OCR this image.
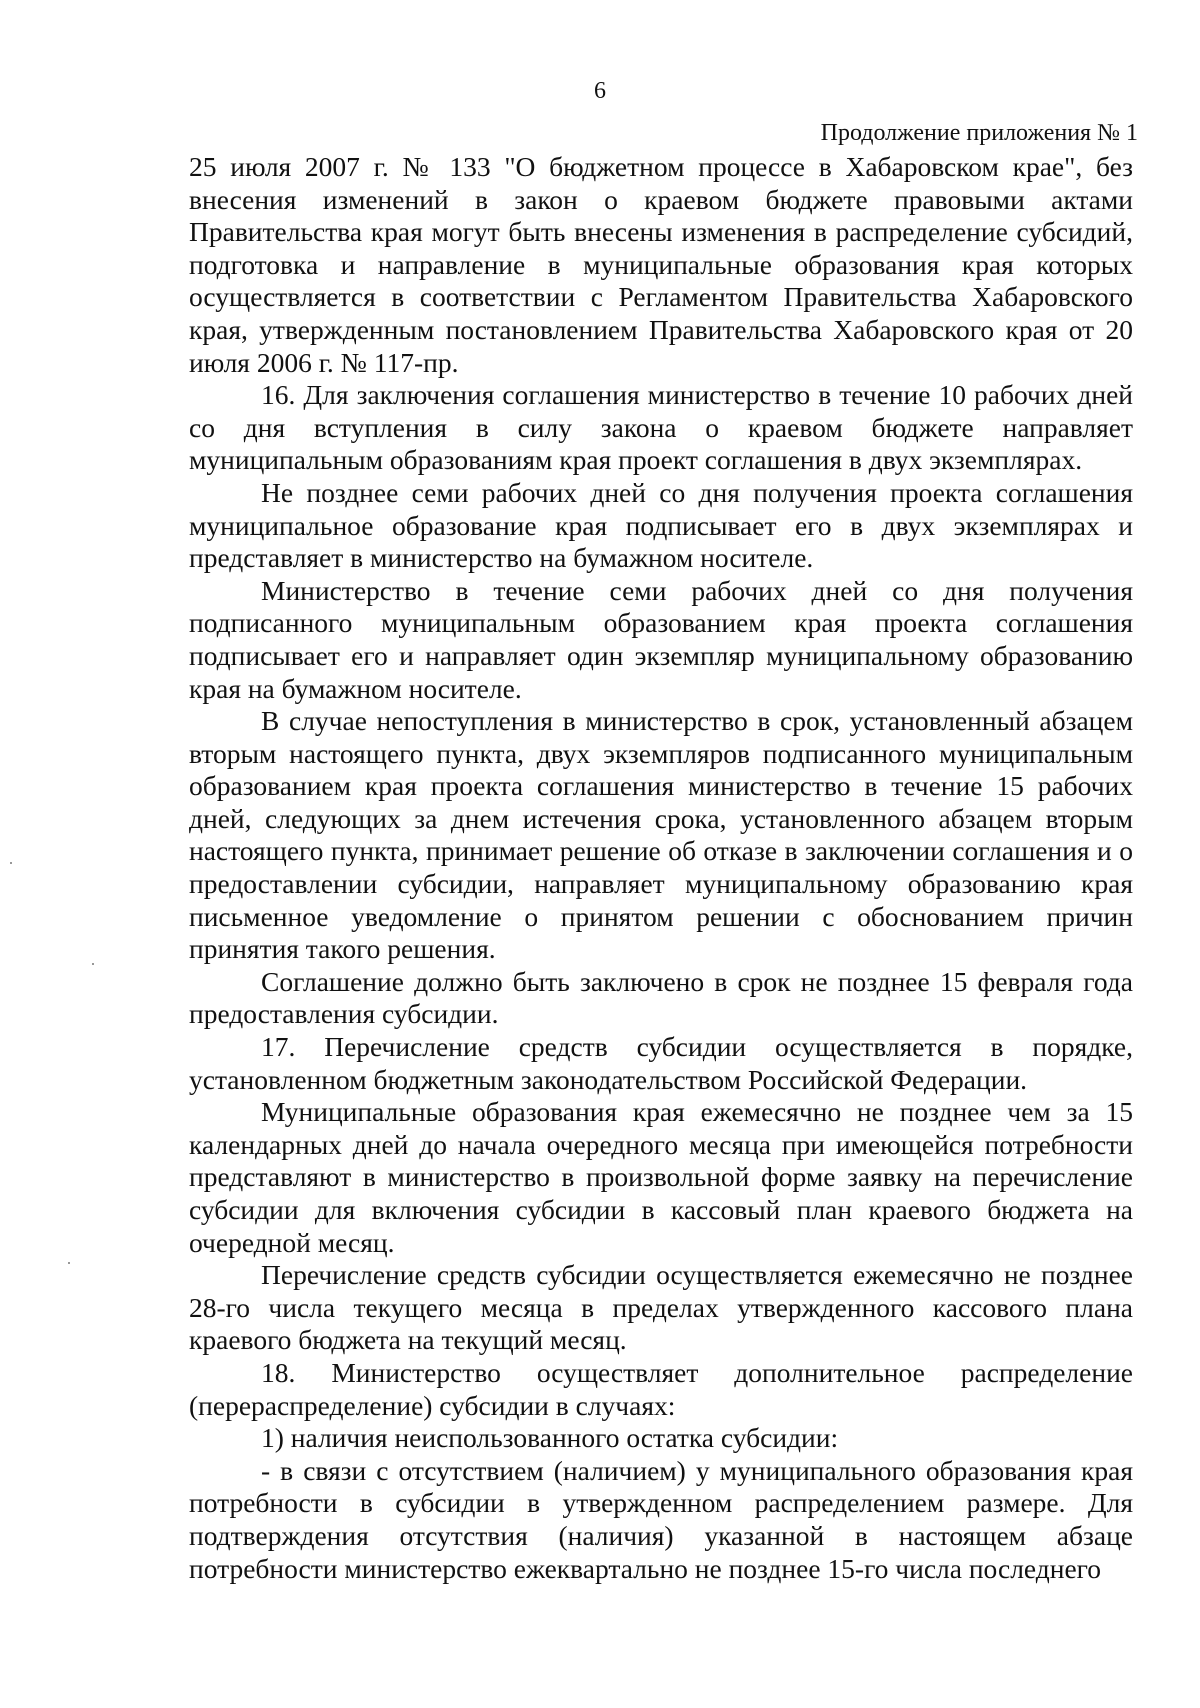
6
Продолжение приложения № 1

25 июля 2007 г. № 133 "О бюджетном процессе в Хабаровском крае", без внесения изменений в закон о краевом бюджете правовыми актами Правительства края могут быть внесены изменения в распределение субсидий, подготовка и направление в муниципальные образования края которых осуществляется в соответствии с Регламентом Правительства Хабаровского края, утвержденным постановлением Правительства Хабаровского края от 20 июля 2006 г. № 117-пр.

16. Для заключения соглашения министерство в течение 10 рабочих дней со дня вступления в силу закона о краевом бюджете направляет муниципальным образованиям края проект соглашения в двух экземплярах.

Не позднее семи рабочих дней со дня получения проекта соглашения муниципальное образование края подписывает его в двух экземплярах и представляет в министерство на бумажном носителе.

Министерство в течение семи рабочих дней со дня получения подписанного муниципальным образованием края проекта соглашения подписывает его и направляет один экземпляр муниципальному образованию края на бумажном носителе.

В случае непоступления в министерство в срок, установленный абзацем вторым настоящего пункта, двух экземпляров подписанного муниципальным образованием края проекта соглашения министерство в течение 15 рабочих дней, следующих за днем истечения срока, установленного абзацем вторым настоящего пункта, принимает решение об отказе в заключении соглашения и о предоставлении субсидии, направляет муниципальному образованию края письменное уведомление о принятом решении с обоснованием причин принятия такого решения.

Соглашение должно быть заключено в срок не позднее 15 февраля года предоставления субсидии.

17. Перечисление средств субсидии осуществляется в порядке, установленном бюджетным законодательством Российской Федерации.

Муниципальные образования края ежемесячно не позднее чем за 15 календарных дней до начала очередного месяца при имеющейся потребности представляют в министерство в произвольной форме заявку на перечисление субсидии для включения субсидии в кассовый план краевого бюджета на очередной месяц.

Перечисление средств субсидии осуществляется ежемесячно не позднее 28-го числа текущего месяца в пределах утвержденного кассового плана краевого бюджета на текущий месяц.

18. Министерство осуществляет дополнительное распределение (перераспределение) субсидии в случаях:

1) наличия неиспользованного остатка субсидии:

- в связи с отсутствием (наличием) у муниципального образования края потребности в субсидии в утвержденном распределением размере. Для подтверждения отсутствия (наличия) указанной в настоящем абзаце потребности министерство ежеквартально не позднее 15-го числа последнего
